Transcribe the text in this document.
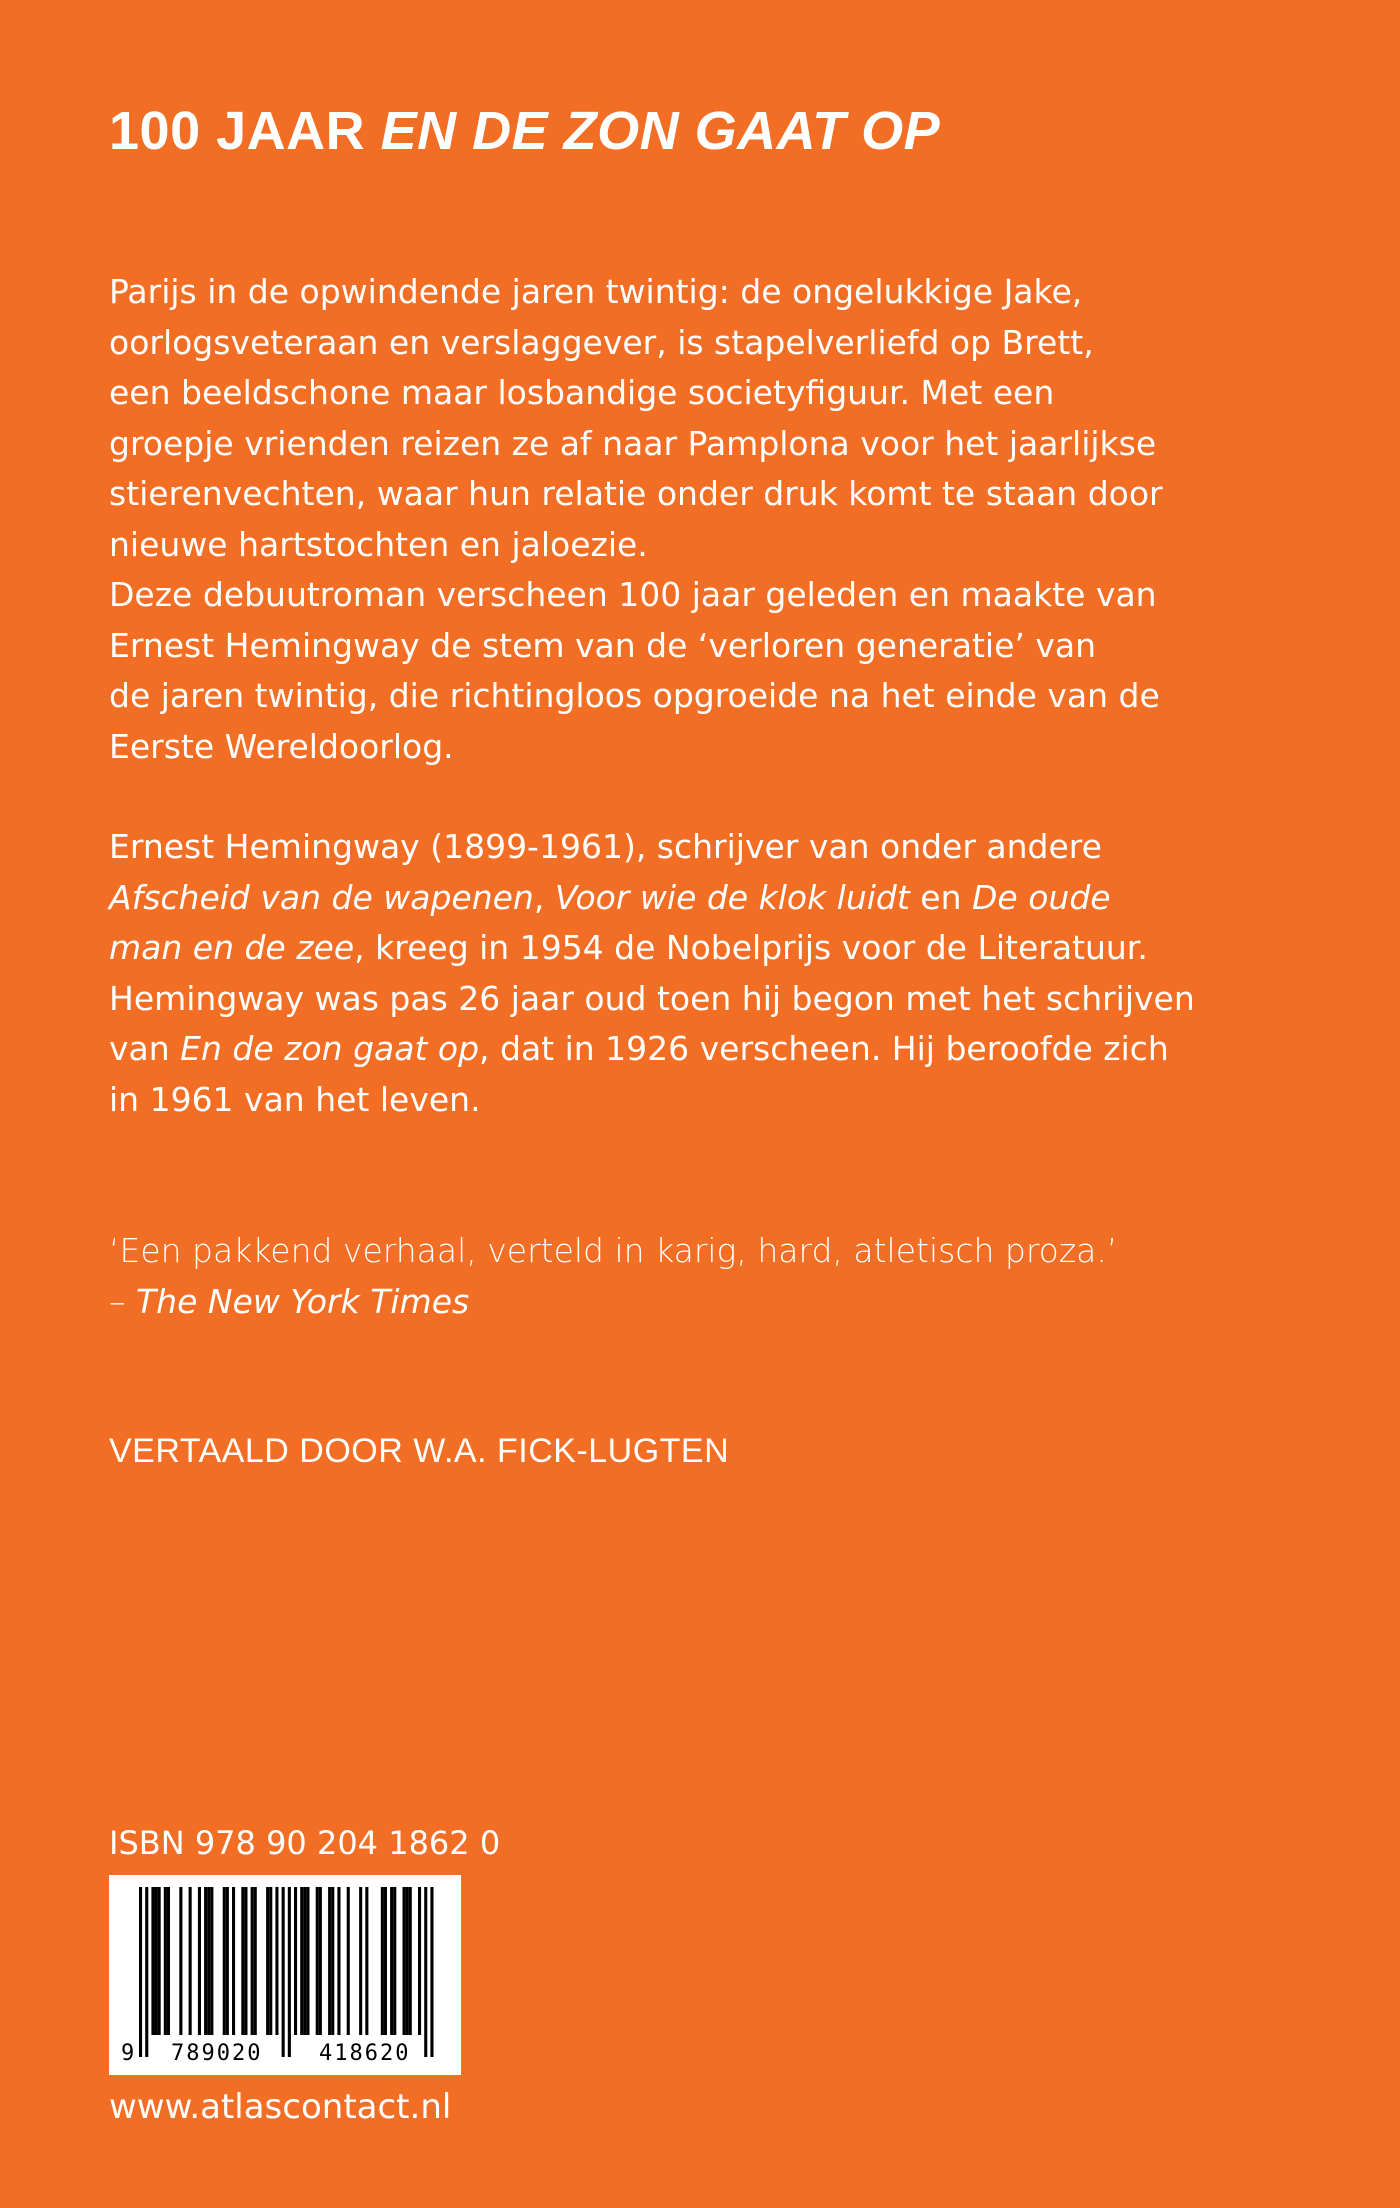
100 JAAR EN DE ZON GAAT OP
Parijs in de opwindende jaren twintig: de ongelukkige Jake,
oorlogsveteraan en verslaggever, is stapelverliefd op Brett,
een beeldschone maar losbandige societyfiguur. Met een
groepje vrienden reizen ze af naar Pamplona voor het jaarlijkse
stierenvechten, waar hun relatie onder druk komt te staan door
nieuwe hartstochten en jaloezie.
Deze debuutroman verscheen 100 jaar geleden en maakte van
Ernest Hemingway de stem van de ‘verloren generatie’ van
de jaren twintig, die richtingloos opgroeide na het einde van de
Eerste Wereldoorlog.
Ernest Hemingway (1899-1961), schrijver van onder andere
Afscheid van de wapenen, Voor wie de klok luidt en De oude
man en de zee, kreeg in 1954 de Nobelprijs voor de Literatuur.
Hemingway was pas 26 jaar oud toen hij begon met het schrijven
van En de zon gaat op, dat in 1926 verscheen. Hij beroofde zich
in 1961 van het leven.
‘Een pakkend verhaal, verteld in karig, hard, atletisch proza.’
– The New York Times
VERTAALD DOOR W.A. FICK-LUGTEN
ISBN 978 90 204 1862 0
9 789020	418620
www.atlascontact.nl
